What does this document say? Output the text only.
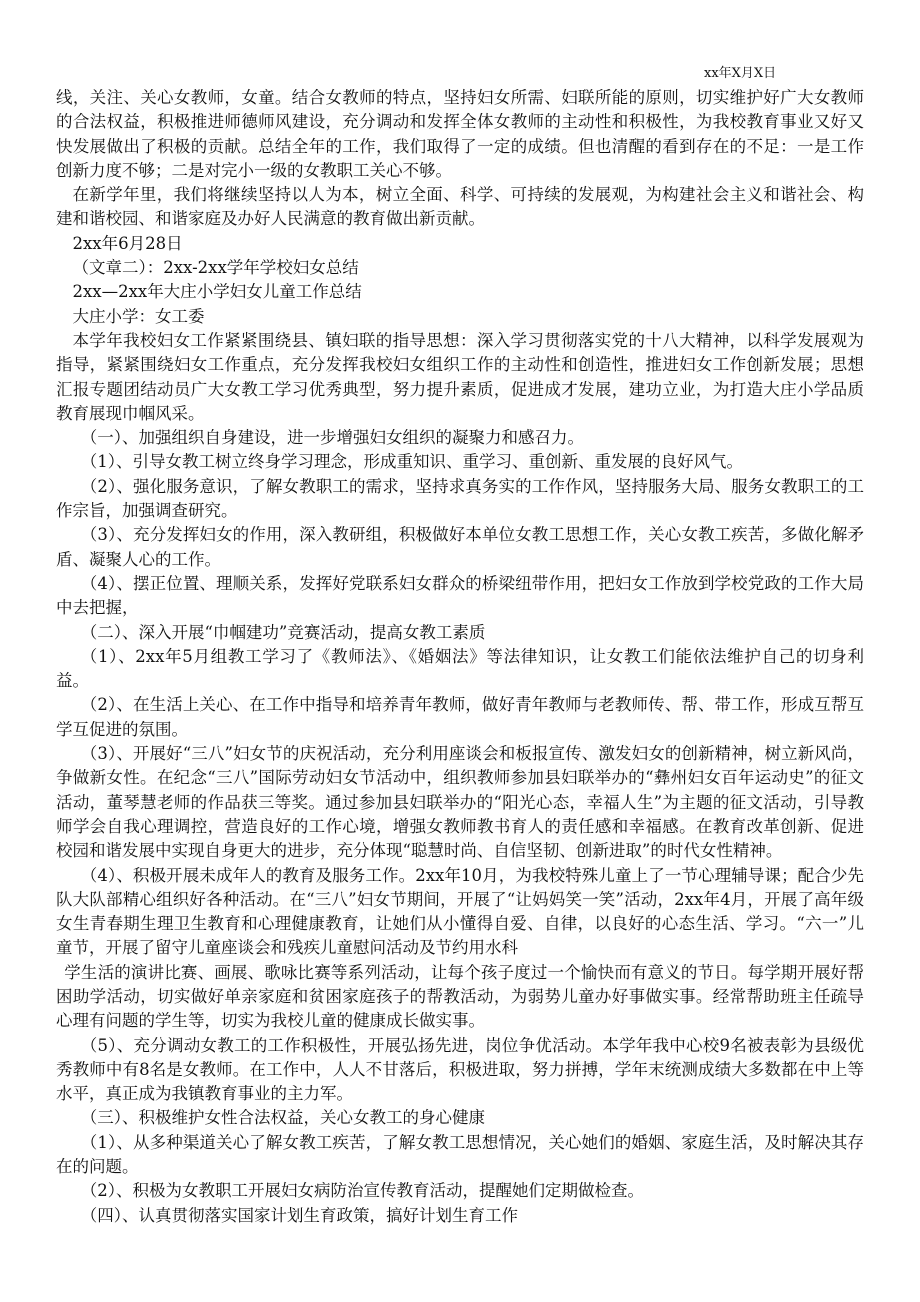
xx年X月X日

线，关注、关心女教师，女童。结合女教师的特点，坚持妇女所需、妇联所能的原则，切实维护好广大女教师的合法权益，积极推进师德师风建设，充分调动和发挥全体女教师的主动性和积极性，为我校教育事业又好又快发展做出了积极的贡献。总结全年的工作，我们取得了一定的成绩。但也清醒的看到存在的不足：一是工作创新力度不够；二是对完小一级的女教职工关心不够。

在新学年里，我们将继续坚持以人为本，树立全面、科学、可持续的发展观，为构建社会主义和谐社会、构建和谐校园、和谐家庭及办好人民满意的教育做出新贡献。

2xx年6月28日

（文章二）：2xx-2xx学年学校妇女总结

2xx—2xx年大庄小学妇女儿童工作总结

大庄小学：女工委

本学年我校妇女工作紧紧围绕县、镇妇联的指导思想：深入学习贯彻落实党的十八大精神，以科学发展观为指导，紧紧围绕妇女工作重点，充分发挥我校妇女组织工作的主动性和创造性，推进妇女工作创新发展；思想汇报专题团结动员广大女教工学习优秀典型，努力提升素质，促进成才发展，建功立业，为打造大庄小学品质教育展现巾帼风采。

（一）、加强组织自身建设，进一步增强妇女组织的凝聚力和感召力。

（1）、引导女教工树立终身学习理念，形成重知识、重学习、重创新、重发展的良好风气。

（2）、强化服务意识，了解女教职工的需求，坚持求真务实的工作作风，坚持服务大局、服务女教职工的工作宗旨，加强调查研究。

（3）、充分发挥妇女的作用，深入教研组，积极做好本单位女教工思想工作，关心女教工疾苦，多做化解矛盾、凝聚人心的工作。

（4）、摆正位置、理顺关系，发挥好党联系妇女群众的桥梁纽带作用，把妇女工作放到学校党政的工作大局中去把握，

（二）、深入开展“巾帼建功”竞赛活动，提高女教工素质

（1）、2xx年5月组教工学习了《教师法》、《婚姻法》等法律知识，让女教工们能依法维护自己的切身利益。

（2）、在生活上关心、在工作中指导和培养青年教师，做好青年教师与老教师传、帮、带工作，形成互帮互学互促进的氛围。

（3）、开展好“三八”妇女节的庆祝活动，充分利用座谈会和板报宣传、激发妇女的创新精神，树立新风尚，争做新女性。在纪念“三八”国际劳动妇女节活动中，组织教师参加县妇联举办的“彝州妇女百年运动史”的征文活动，董琴慧老师的作品获三等奖。通过参加县妇联举办的“阳光心态，幸福人生”为主题的征文活动，引导教师学会自我心理调控，营造良好的工作心境，增强女教师教书育人的责任感和幸福感。在教育改革创新、促进校园和谐发展中实现自身更大的进步，充分体现“聪慧时尚、自信坚韧、创新进取”的时代女性精神。

（4）、积极开展未成年人的教育及服务工作。2xx年10月，为我校特殊儿童上了一节心理辅导课；配合少先队大队部精心组织好各种活动。在“三八”妇女节期间，开展了“让妈妈笑一笑”活动，2xx年4月，开展了高年级女生青春期生理卫生教育和心理健康教育，让她们从小懂得自爱、自律，以良好的心态生活、学习。“六一”儿童节，开展了留守儿童座谈会和残疾儿童慰问活动及节约用水科

学生活的演讲比赛、画展、歌咏比赛等系列活动，让每个孩子度过一个愉快而有意义的节日。每学期开展好帮困助学活动，切实做好单亲家庭和贫困家庭孩子的帮教活动，为弱势儿童办好事做实事。经常帮助班主任疏导心理有问题的学生等，切实为我校儿童的健康成长做实事。

（5）、充分调动女教工的工作积极性，开展弘扬先进，岗位争优活动。本学年我中心校9名被表彰为县级优秀教师中有8名是女教师。在工作中，人人不甘落后，积极进取，努力拼搏，学年末统测成绩大多数都在中上等水平，真正成为我镇教育事业的主力军。

（三）、积极维护女性合法权益，关心女教工的身心健康

（1）、从多种渠道关心了解女教工疾苦，了解女教工思想情况，关心她们的婚姻、家庭生活，及时解决其存在的问题。

（2）、积极为女教职工开展妇女病防治宣传教育活动，提醒她们定期做检查。

（四）、认真贯彻落实国家计划生育政策，搞好计划生育工作
